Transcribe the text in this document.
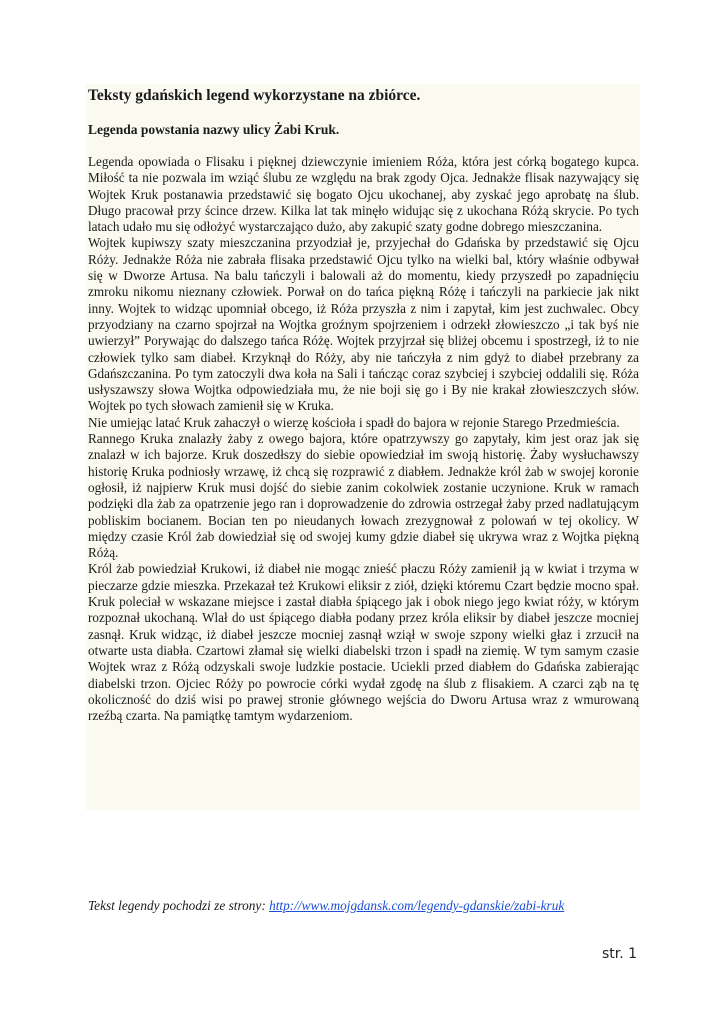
Teksty gdańskich legend wykorzystane na zbiórce.
Legenda powstania nazwy ulicy Żabi Kruk.

Legenda opowiada o Flisaku i pięknej dziewczynie imieniem Róża, która jest córką bogatego kupca. Miłość ta nie pozwala im wziąć ślubu ze względu na brak zgody Ojca. Jednakże flisak nazywający się Wojtek Kruk postanawia przedstawić się bogato Ojcu ukochanej, aby zyskać jego aprobatę na ślub. Długo pracował przy ścince drzew. Kilka lat tak minęło widując się z ukochana Różą skrycie. Po tych latach udało mu się odłożyć wystarczająco dużo, aby zakupić szaty godne dobrego mieszczanina.

Wojtek kupiwszy szaty mieszczanina przyodział je, przyjechał do Gdańska by przedstawić się Ojcu Róży. Jednakże Róża nie zabrała flisaka przedstawić Ojcu tylko na wielki bal, który właśnie odbywał się w Dworze Artusa. Na balu tańczyli i balowali aż do momentu, kiedy przyszedł po zapadnięciu zmroku nikomu nieznany człowiek. Porwał on do tańca piękną Różę i tańczyli na parkiecie jak nikt inny. Wojtek to widząc upomniał obcego, iż Róża przyszła z nim i zapytał, kim jest zuchwalec. Obcy przyodziany na czarno spojrzał na Wojtka groźnym spojrzeniem i odrzekł złowieszczo „i tak byś nie uwierzył” Porywając do dalszego tańca Różę. Wojtek przyjrzał się bliżej obcemu i spostrzegł, iż to nie człowiek tylko sam diabeł. Krzyknął do Róży, aby nie tańczyła z nim gdyż to diabeł przebrany za Gdańszczanina. Po tym zatoczyli dwa koła na Sali i tańcząc coraz szybciej i szybciej oddalili się. Róża usłyszawszy słowa Wojtka odpowiedziała mu, że nie boji się go i By nie krakał złowieszczych słów. Wojtek po tych słowach zamienił się w Kruka.

Nie umiejąc latać Kruk zahaczył o wierzę kościoła i spadł do bajora w rejonie Starego Przedmieścia.

Rannego Kruka znalazły żaby z owego bajora, które opatrzywszy go zapytały, kim jest oraz jak się znalazł w ich bajorze. Kruk doszedłszy do siebie opowiedział im swoją historię. Żaby wysłuchawszy historię Kruka podniosły wrzawę, iż chcą się rozprawić z diabłem. Jednakże król żab w swojej koronie ogłosił, iż najpierw Kruk musi dojść do siebie zanim cokolwiek zostanie uczynione. Kruk w ramach podzięki dla żab za opatrzenie jego ran i doprowadzenie do zdrowia ostrzegał żaby przed nadlatującym pobliskim bocianem. Bocian ten po nieudanych łowach zrezygnował z polowań w tej okolicy. W między czasie Król żab dowiedział się od swojej kumy gdzie diabeł się ukrywa wraz z Wojtka piękną Różą.

Król żab powiedział Krukowi, iż diabeł nie mogąc znieść płaczu Róży zamienił ją w kwiat i trzyma w pieczarze gdzie mieszka. Przekazał też Krukowi eliksir z ziół, dzięki któremu Czart będzie mocno spał. Kruk poleciał w wskazane miejsce i zastał diabła śpiącego jak i obok niego jego kwiat róży, w którym rozpoznał ukochaną. Wlał do ust śpiącego diabła podany przez króla eliksir by diabeł jeszcze mocniej zasnął. Kruk widząc, iż diabeł jeszcze mocniej zasnął wziął w swoje szpony wielki głaz i zrzucił na otwarte usta diabła. Czartowi złamał się wielki diabelski trzon i spadł na ziemię. W tym samym czasie Wojtek wraz z Różą odzyskali swoje ludzkie postacie. Uciekli przed diabłem do Gdańska zabierając diabelski trzon. Ojciec Róży po powrocie córki wydał zgodę na ślub z flisakiem. A czarci ząb na tę okoliczność do dziś wisi po prawej stronie głównego wejścia do Dworu Artusa wraz z wmurowaną rzeźbą czarta. Na pamiątkę tamtym wydarzeniom.

Tekst legendy pochodzi ze strony: http://www.mojgdansk.com/legendy-gdanskie/zabi-kruk
str. 1
